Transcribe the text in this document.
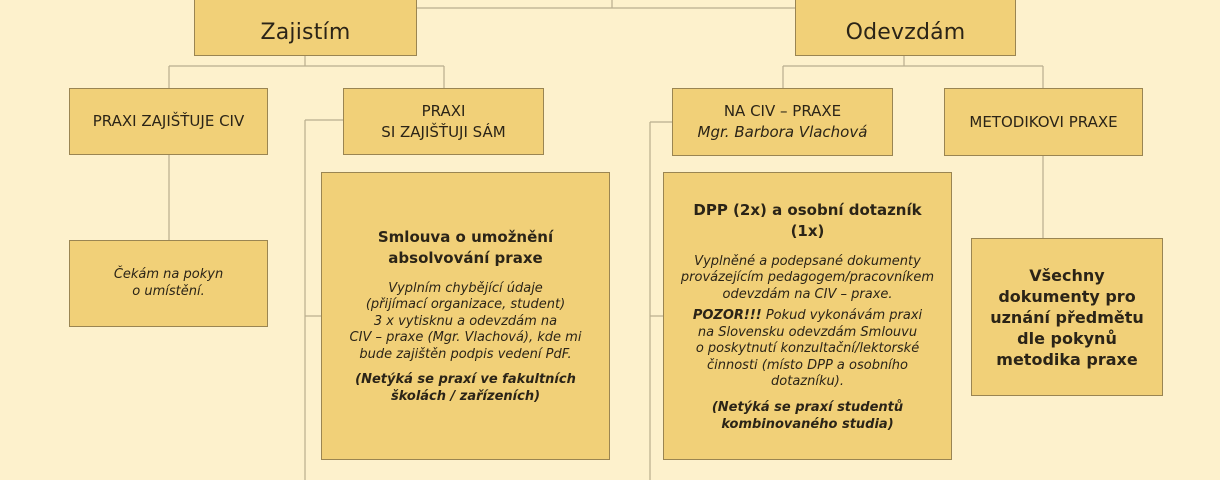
Zajistím	Odevzdám
PRAXI ZAJIŠŤUJE CIV
PRAXI
SI ZAJIŠŤUJI SÁM
Čekám na pokyn
o umístění.
Smlouva o umožnění
absolvování praxe
Vyplním chybějící údaje
(přijímací organizace, student)
3 x vytisknu a odevzdám na
CIV – praxe (Mgr. Vlachová), kde mi
bude zajištěn podpis vedení PdF.
(Netýká se praxí ve fakultních
školách / zařízeních)
NA CIV – PRAXE
Mgr. Barbora Vlachová
METODIKOVI PRAXE
DPP (2x) a osobní dotazník (1x)
Vyplněné a podepsané dokumenty
provázejícím pedagogem/pracovníkem
odevzdám na CIV – praxe.
POZOR!!! Pokud vykonávám praxi
na Slovensku odevzdám Smlouvu
o poskytnutí konzultační/lektorské
činnosti (místo DPP a osobního
dotazníku).
(Netýká se praxí studentů
kombinovaného studia)
Všechny
dokumenty pro
uznání předmětu
dle pokynů
metodika praxe
